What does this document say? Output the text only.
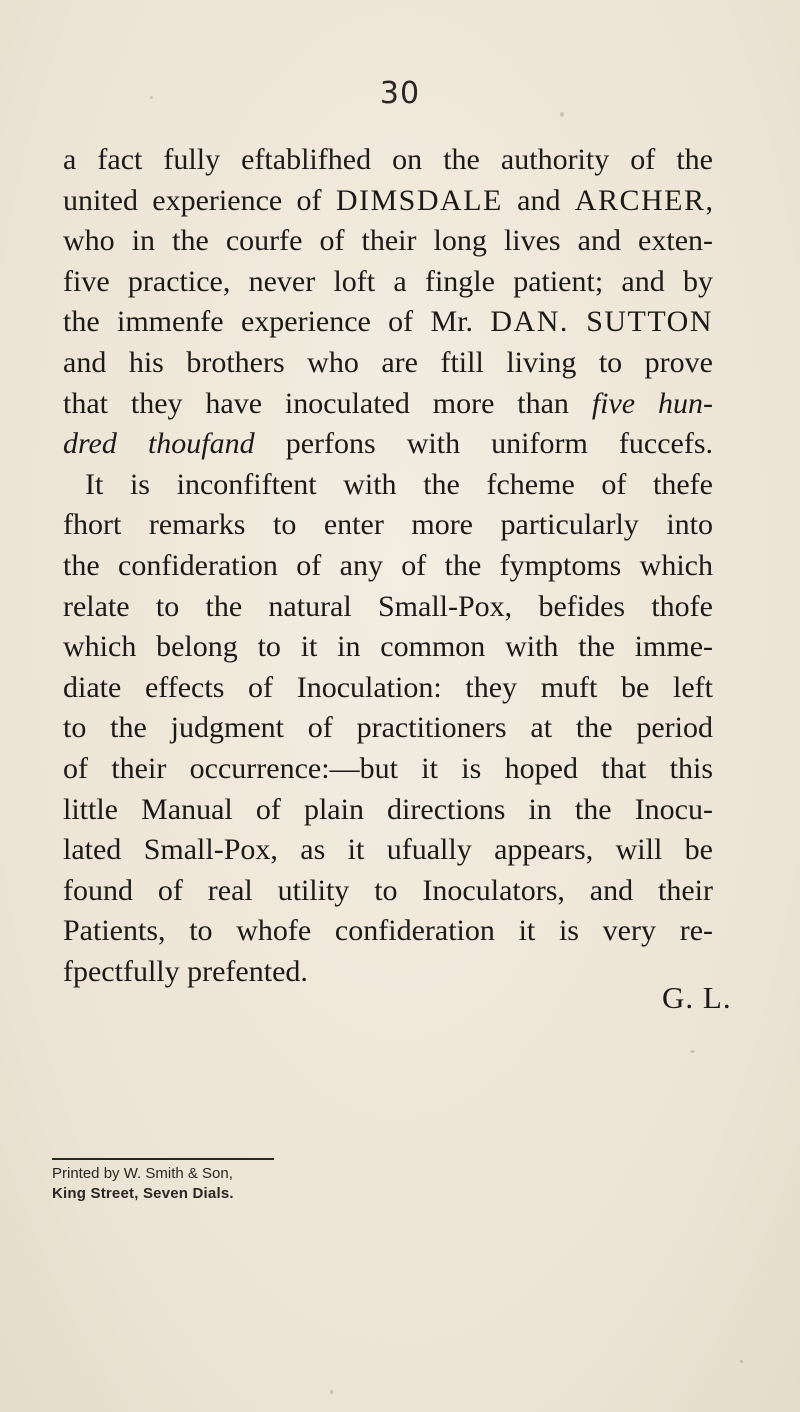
30
a fact fully eftablifhed on the authority of the
united experience of DIMSDALE and ARCHER,
who in the courfe of their long lives and exten-
five practice, never loft a fingle patient; and by
the immenfe experience of Mr. DAN. SUTTON
and his brothers who are ftill living to prove
that they have inoculated more than five hun-
dred thoufand perfons with uniform fuccefs.
It is inconfiftent with the fcheme of thefe
fhort remarks to enter more particularly into
the confideration of any of the fymptoms which
relate to the natural Small-Pox, befides thofe
which belong to it in common with the imme-
diate effects of Inoculation: they muft be left
to the judgment of practitioners at the period
of their occurrence:—but it is hoped that this
little Manual of plain directions in the Inocu-
lated Small-Pox, as it ufually appears, will be
found of real utility to Inoculators, and their
Patients, to whofe confideration it is very re-
fpectfully prefented.
G. L.
Printed by W. Smith & Son,
King Street, Seven Dials.
